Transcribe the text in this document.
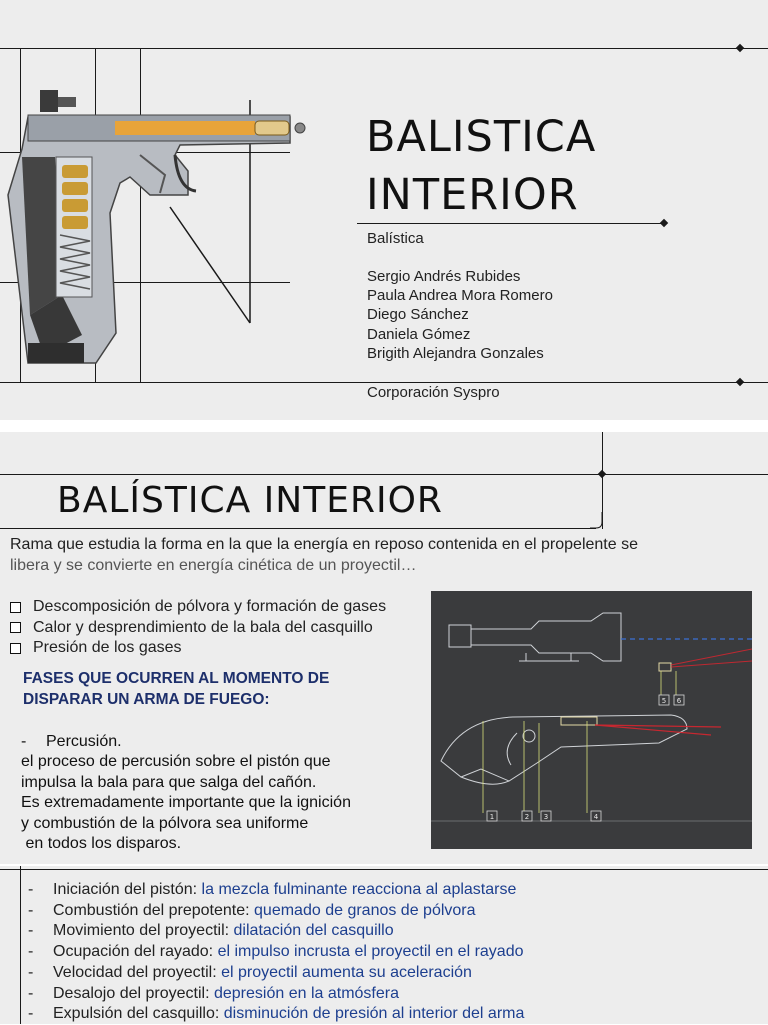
BALISTICA
INTERIOR
Balística
Sergio Andrés Rubides
Paula Andrea Mora Romero
Diego Sánchez
Daniela Gómez
Brigith Alejandra Gonzales
Corporación Syspro
BALÍSTICA INTERIOR
Rama que estudia la forma en la que la energía en reposo contenida en el propelente se
libera y se convierte en energía cinética de un proyectil…
Descomposición de pólvora y formación de gases
Calor y desprendimiento de la bala del casquillo
Presión de los gases
FASES QUE OCURREN AL MOMENTO DE
DISPARAR UN ARMA DE FUEGO:
- Percusión.
el proceso de percusión sobre el pistón que
impulsa la bala para que salga del cañón.
Es extremadamente importante que la ignición
y combustión de la pólvora sea uniforme
en todos los disparos.
1	2 3	4
5 6
- Iniciación del pistón: la mezcla fulminante reacciona al aplastarse
- Combustión del prepotente: quemado de granos de pólvora
- Movimiento del proyectil: dilatación del casquillo
- Ocupación del rayado: el impulso incrusta el proyectil en el rayado
- Velocidad del proyectil: el proyectil aumenta su aceleración
- Desalojo del proyectil: depresión en la atmósfera
- Expulsión del casquillo: disminución de presión al interior del arma
